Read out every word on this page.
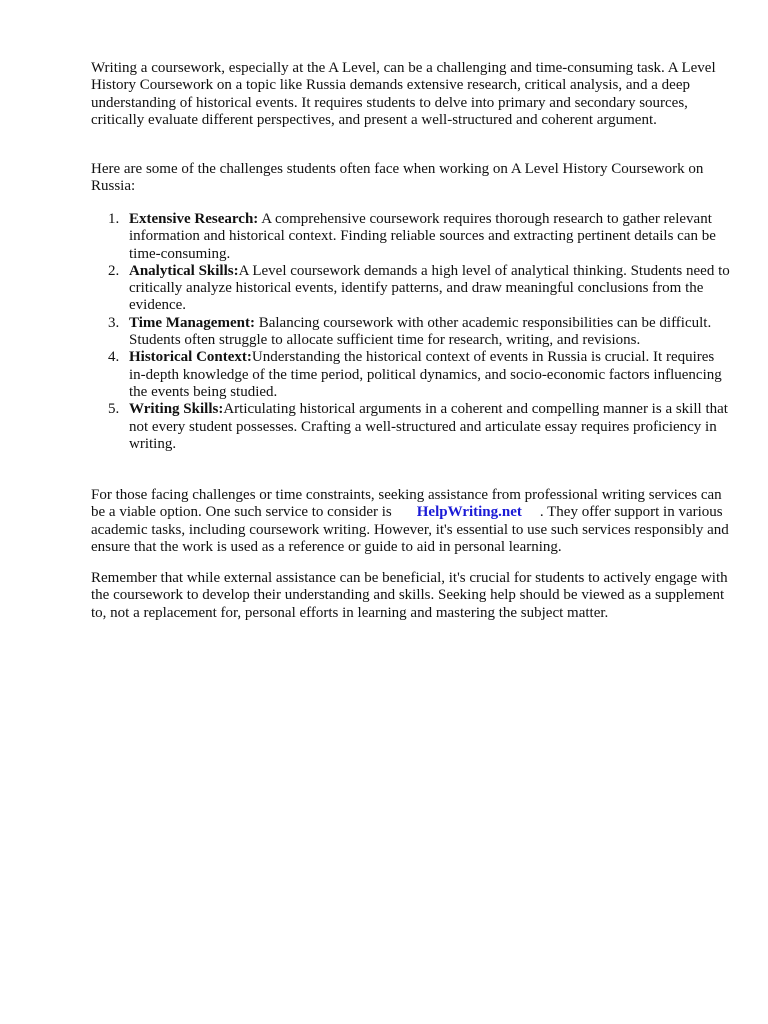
Writing a coursework, especially at the A Level, can be a challenging and time-consuming task. A Level History Coursework on a topic like Russia demands extensive research, critical analysis, and a deep understanding of historical events. It requires students to delve into primary and secondary sources, critically evaluate different perspectives, and present a well-structured and coherent argument.

Here are some of the challenges students often face when working on A Level History Coursework on Russia:

1. Extensive Research: A comprehensive coursework requires thorough research to gather relevant information and historical context. Finding reliable sources and extracting pertinent details can be time-consuming.
2. Analytical Skills:A Level coursework demands a high level of analytical thinking. Students need to critically analyze historical events, identify patterns, and draw meaningful conclusions from the evidence.
3. Time Management: Balancing coursework with other academic responsibilities can be difficult. Students often struggle to allocate sufficient time for research, writing, and revisions.
4. Historical Context:Understanding the historical context of events in Russia is crucial. It requires in-depth knowledge of the time period, political dynamics, and socio-economic factors influencing the events being studied.
5. Writing Skills:Articulating historical arguments in a coherent and compelling manner is a skill that not every student possesses. Crafting a well-structured and articulate essay requires proficiency in writing.

For those facing challenges or time constraints, seeking assistance from professional writing services can be a viable option. One such service to consider is HelpWriting.net . They offer support in various academic tasks, including coursework writing. However, it's essential to use such services responsibly and ensure that the work is used as a reference or guide to aid in personal learning.

Remember that while external assistance can be beneficial, it's crucial for students to actively engage with the coursework to develop their understanding and skills. Seeking help should be viewed as a supplement to, not a replacement for, personal efforts in learning and mastering the subject matter.
